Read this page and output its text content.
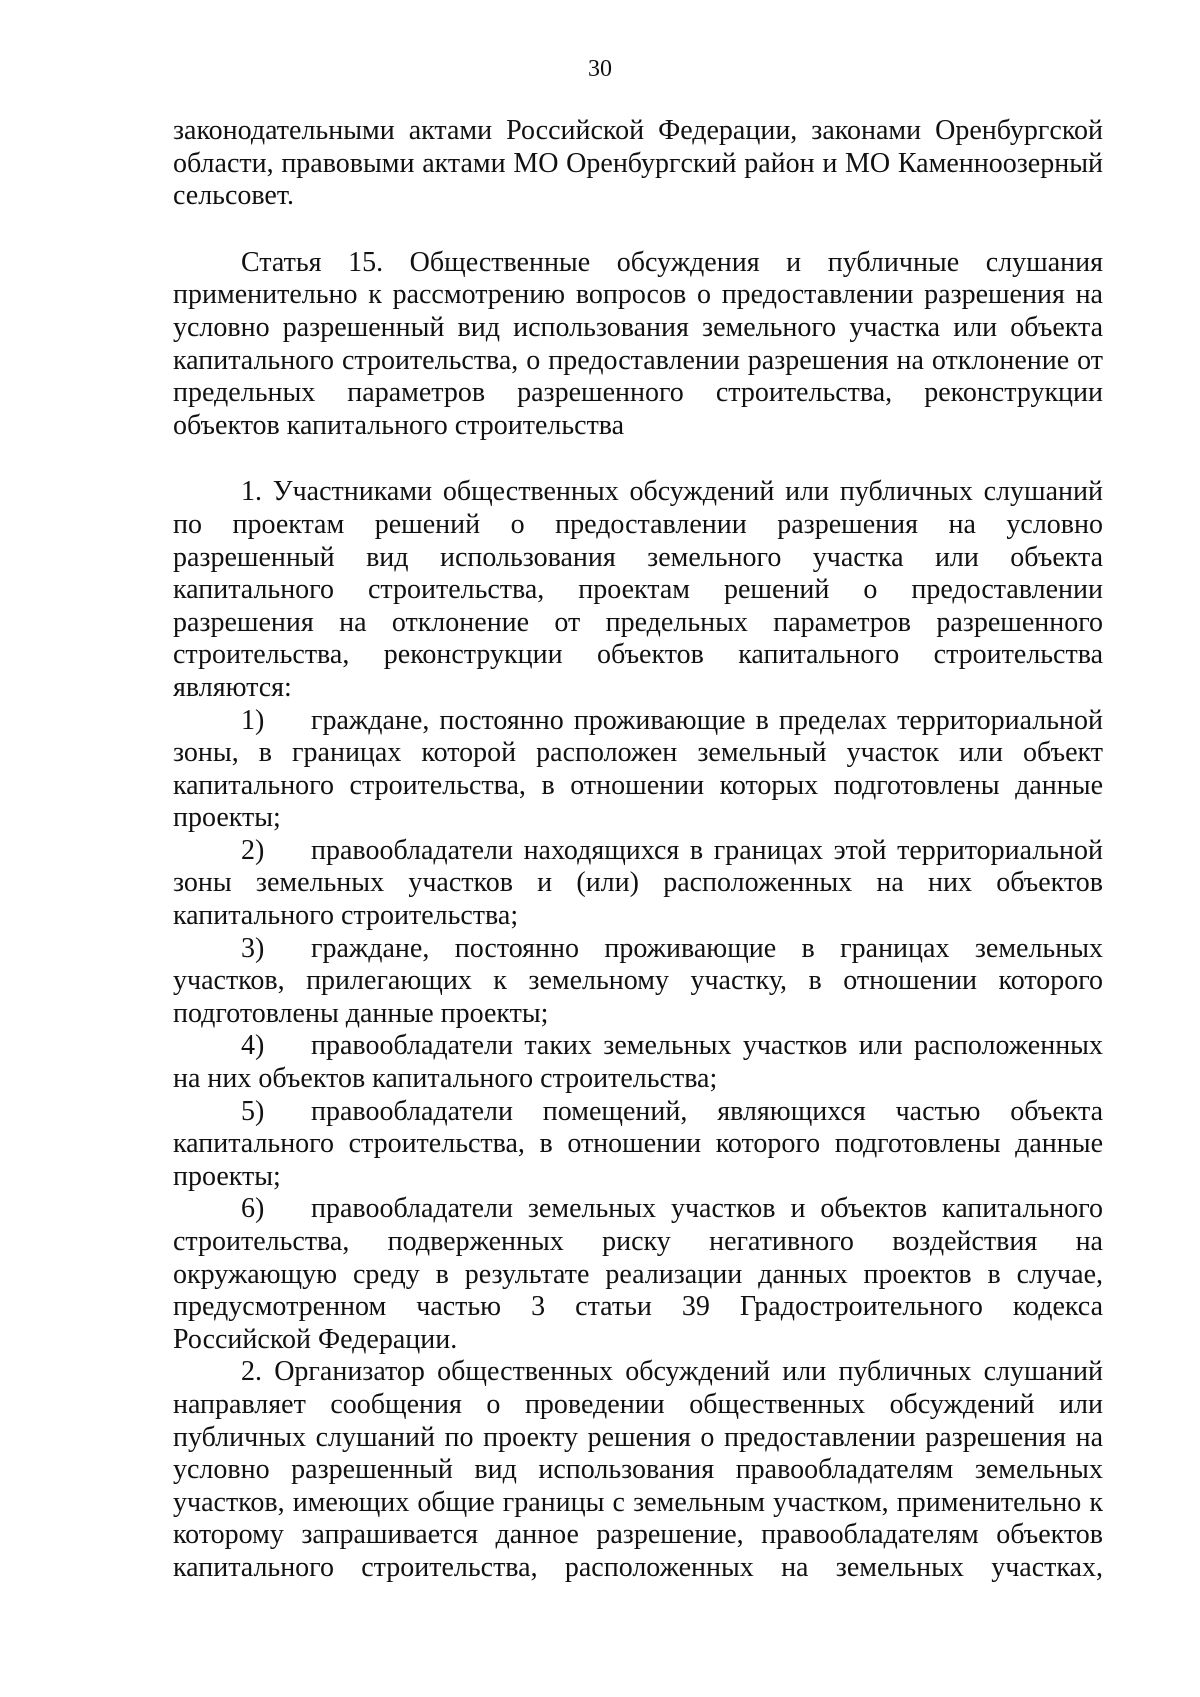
30

законодательными актами Российской Федерации, законами Оренбургской области, правовыми актами МО Оренбургский район и МО Каменноозерный сельсовет.

Статья 15. Общественные обсуждения и публичные слушания применительно к рассмотрению вопросов о предоставлении разрешения на условно разрешенный вид использования земельного участка или объекта капитального строительства, о предоставлении разрешения на отклонение от предельных параметров разрешенного строительства, реконструкции объектов капитального строительства

1. Участниками общественных обсуждений или публичных слушаний по проектам решений о предоставлении разрешения на условно разрешенный вид использования земельного участка или объекта капитального строительства, проектам решений о предоставлении разрешения на отклонение от предельных параметров разрешенного строительства, реконструкции объектов капитального строительства являются:

1) граждане, постоянно проживающие в пределах территориальной зоны, в границах которой расположен земельный участок или объект капитального строительства, в отношении которых подготовлены данные проекты;

2) правообладатели находящихся в границах этой территориальной зоны земельных участков и (или) расположенных на них объектов капитального строительства;

3) граждане, постоянно проживающие в границах земельных участков, прилегающих к земельному участку, в отношении которого подготовлены данные проекты;

4) правообладатели таких земельных участков или расположенных на них объектов капитального строительства;

5) правообладатели помещений, являющихся частью объекта капитального строительства, в отношении которого подготовлены данные проекты;

6) правообладатели земельных участков и объектов капитального строительства, подверженных риску негативного воздействия на окружающую среду в результате реализации данных проектов в случае, предусмотренном частью 3 статьи 39 Градостроительного кодекса Российской Федерации.

2. Организатор общественных обсуждений или публичных слушаний направляет сообщения о проведении общественных обсуждений или публичных слушаний по проекту решения о предоставлении разрешения на условно разрешенный вид использования правообладателям земельных участков, имеющих общие границы с земельным участком, применительно к которому запрашивается данное разрешение, правообладателям объектов капитального строительства, расположенных на земельных участках,
